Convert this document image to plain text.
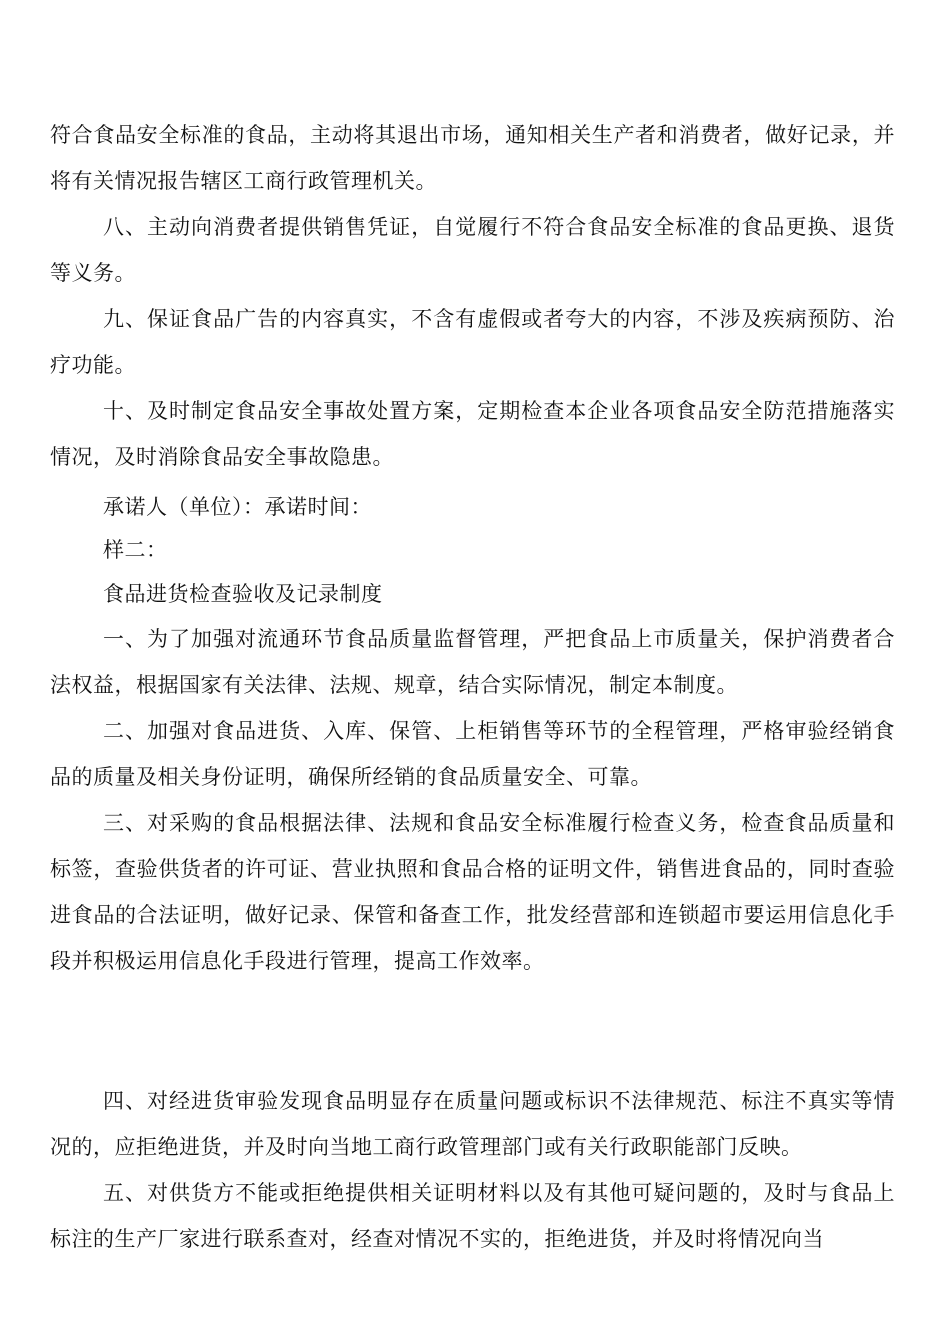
符合食品安全标准的食品，主动将其退出市场，通知相关生产者和消费者，做好记录，并将有关情况报告辖区工商行政管理机关。

八、主动向消费者提供销售凭证，自觉履行不符合食品安全标准的食品更换、退货等义务。

九、保证食品广告的内容真实，不含有虚假或者夸大的内容，不涉及疾病预防、治疗功能。

十、及时制定食品安全事故处置方案，定期检查本企业各项食品安全防范措施落实情况，及时消除食品安全事故隐患。

承诺人（单位）：承诺时间：

样二：

食品进货检查验收及记录制度

一、为了加强对流通环节食品质量监督管理，严把食品上市质量关，保护消费者合法权益，根据国家有关法律、法规、规章，结合实际情况，制定本制度。

二、加强对食品进货、入库、保管、上柜销售等环节的全程管理，严格审验经销食品的质量及相关身份证明，确保所经销的食品质量安全、可靠。

三、对采购的食品根据法律、法规和食品安全标准履行检查义务，检查食品质量和标签，查验供货者的许可证、营业执照和食品合格的证明文件，销售进食品的，同时查验进食品的合法证明，做好记录、保管和备查工作，批发经营部和连锁超市要运用信息化手段并积极运用信息化手段进行管理，提高工作效率。

四、对经进货审验发现食品明显存在质量问题或标识不法律规范、标注不真实等情况的，应拒绝进货，并及时向当地工商行政管理部门或有关行政职能部门反映。

五、对供货方不能或拒绝提供相关证明材料以及有其他可疑问题的，及时与食品上标注的生产厂家进行联系查对，经查对情况不实的，拒绝进货，并及时将情况向当
